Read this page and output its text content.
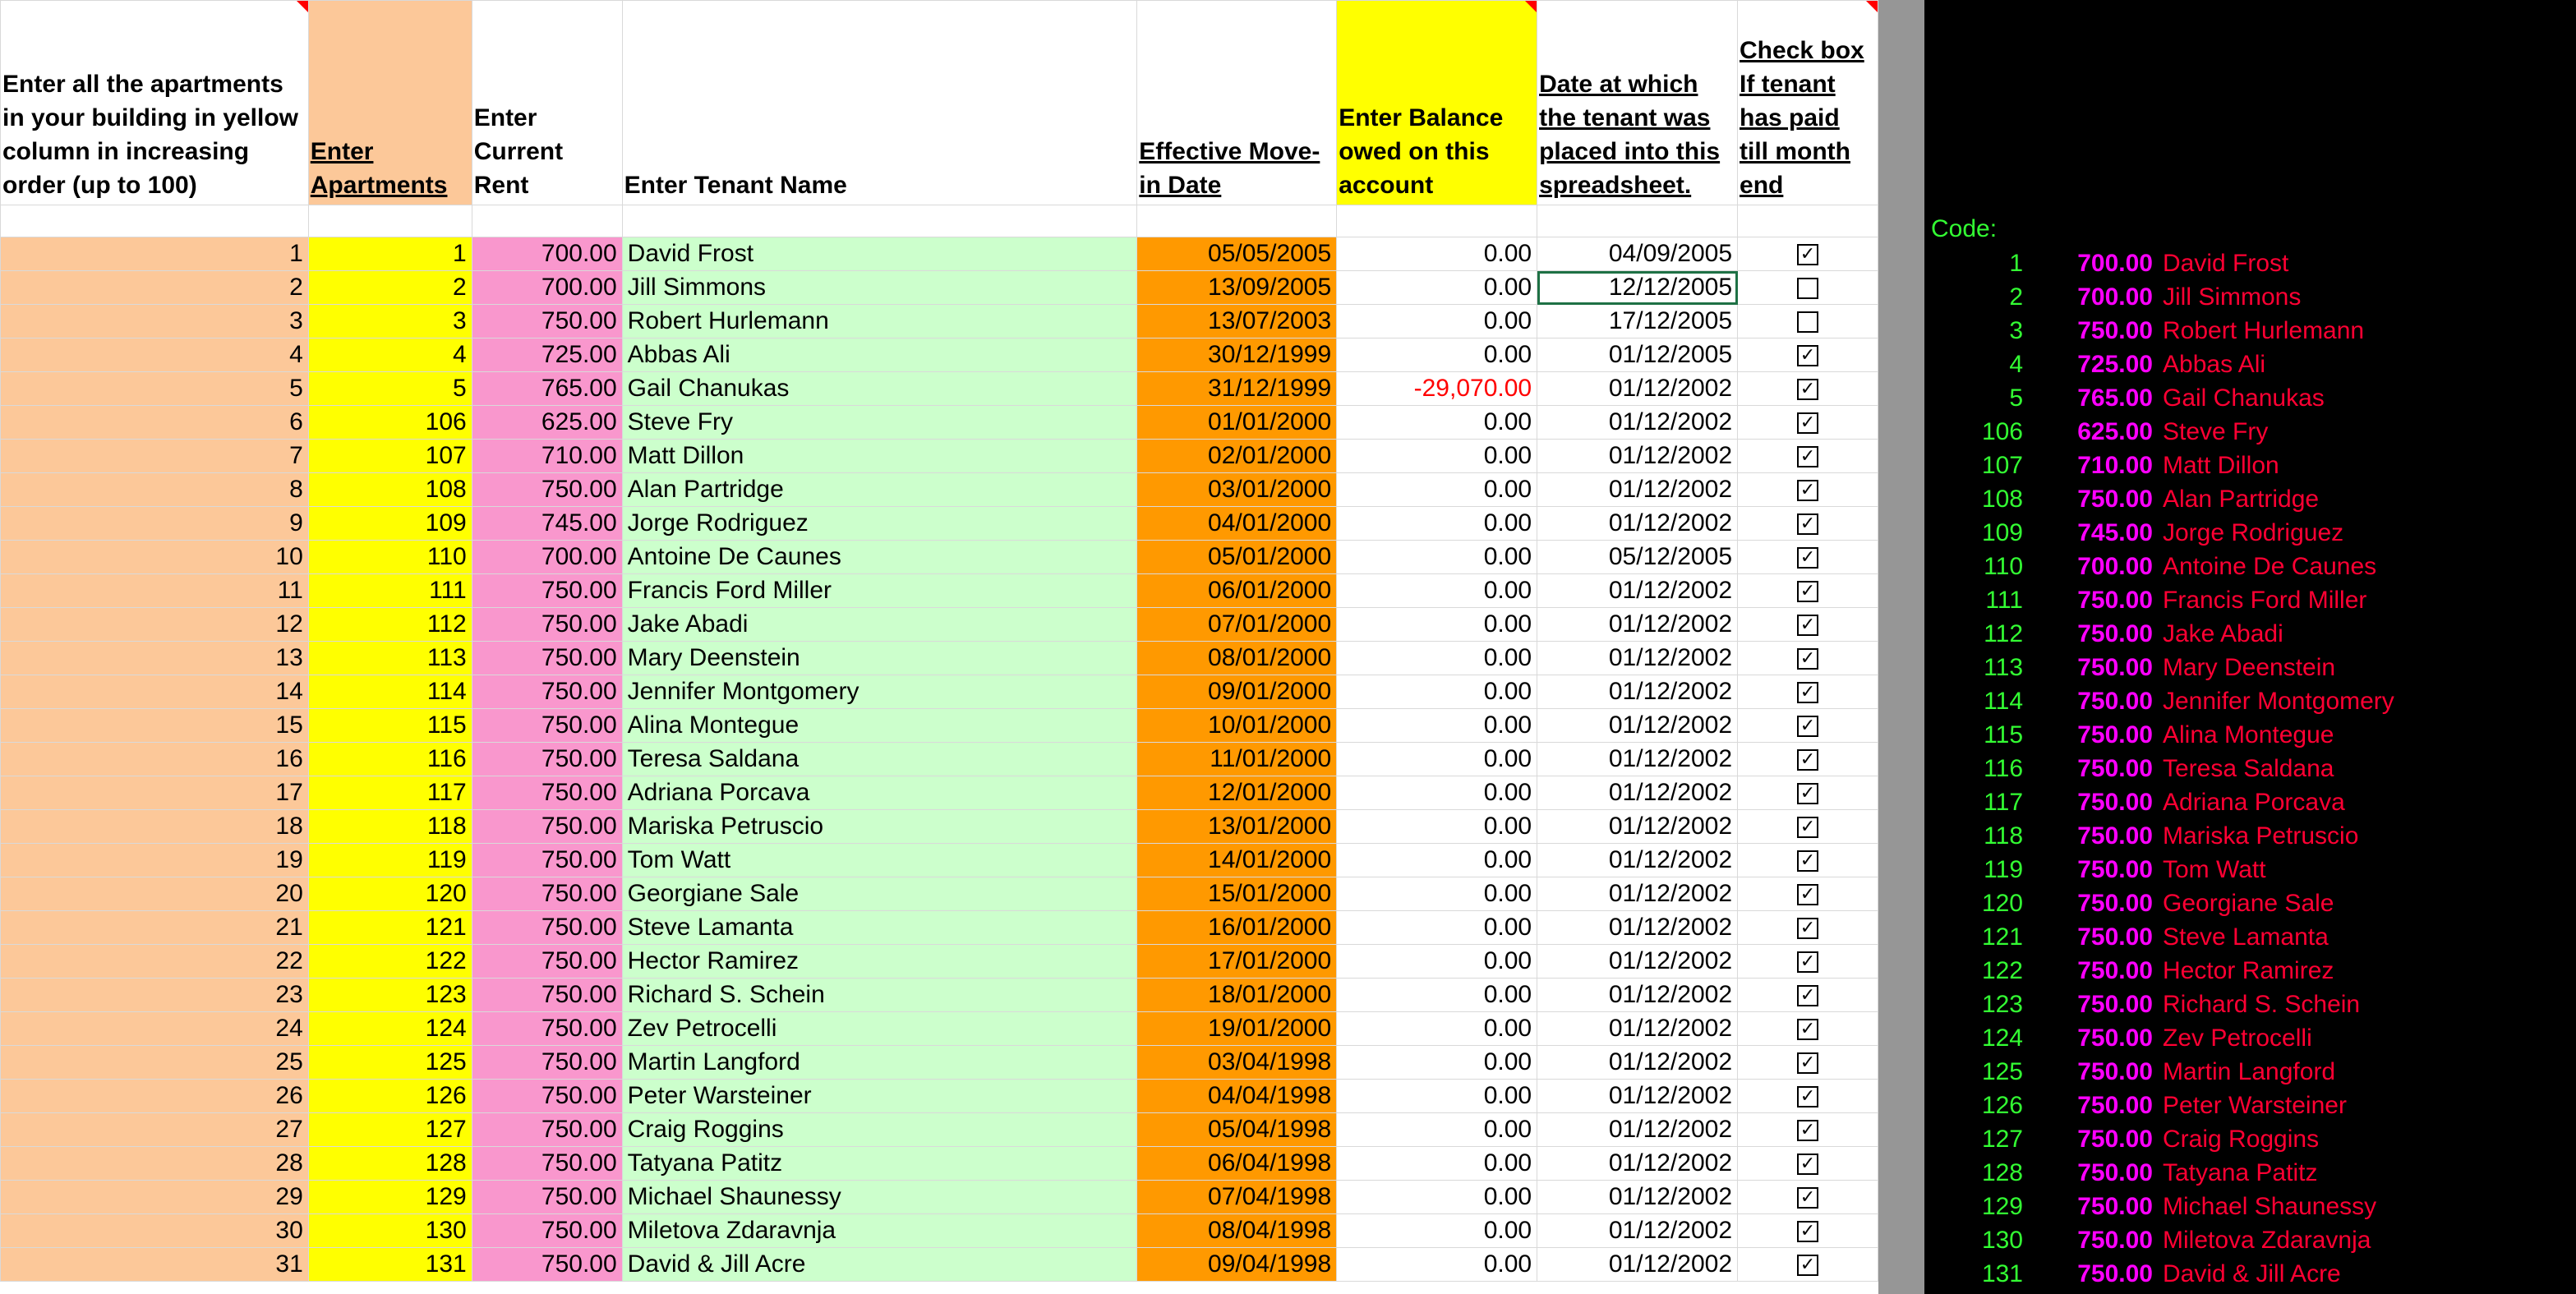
Enter all the apartments in your building in yellow column in increasing order (up to 100)	Enter Apartments	Enter Current Rent	Enter Tenant Name	Effective Move-in Date	Enter Balance owed on this account	Date at which the tenant was placed into this spreadsheet.	Check box If tenant has paid till month end

1	1	700.00	David Frost	05/05/2005	0.00	04/09/2005	✓
2	2	700.00	Jill Simmons	13/09/2005	0.00	12/12/2005	
3	3	750.00	Robert Hurlemann	13/07/2003	0.00	17/12/2005	
4	4	725.00	Abbas Ali	30/12/1999	0.00	01/12/2005	✓
5	5	765.00	Gail Chanukas	31/12/1999	-29,070.00	01/12/2002	✓
6	106	625.00	Steve Fry	01/01/2000	0.00	01/12/2002	✓
7	107	710.00	Matt Dillon	02/01/2000	0.00	01/12/2002	✓
8	108	750.00	Alan Partridge	03/01/2000	0.00	01/12/2002	✓
9	109	745.00	Jorge Rodriguez	04/01/2000	0.00	01/12/2002	✓
10	110	700.00	Antoine De Caunes	05/01/2000	0.00	05/12/2005	✓
11	111	750.00	Francis Ford Miller	06/01/2000	0.00	01/12/2002	✓
12	112	750.00	Jake Abadi	07/01/2000	0.00	01/12/2002	✓
13	113	750.00	Mary Deenstein	08/01/2000	0.00	01/12/2002	✓
14	114	750.00	Jennifer Montgomery	09/01/2000	0.00	01/12/2002	✓
15	115	750.00	Alina Montegue	10/01/2000	0.00	01/12/2002	✓
16	116	750.00	Teresa Saldana	11/01/2000	0.00	01/12/2002	✓
17	117	750.00	Adriana Porcava	12/01/2000	0.00	01/12/2002	✓
18	118	750.00	Mariska Petruscio	13/01/2000	0.00	01/12/2002	✓
19	119	750.00	Tom Watt	14/01/2000	0.00	01/12/2002	✓
20	120	750.00	Georgiane Sale	15/01/2000	0.00	01/12/2002	✓
21	121	750.00	Steve Lamanta	16/01/2000	0.00	01/12/2002	✓
22	122	750.00	Hector Ramirez	17/01/2000	0.00	01/12/2002	✓
23	123	750.00	Richard S. Schein	18/01/2000	0.00	01/12/2002	✓
24	124	750.00	Zev Petrocelli	19/01/2000	0.00	01/12/2002	✓
25	125	750.00	Martin Langford	03/04/1998	0.00	01/12/2002	✓
26	126	750.00	Peter Warsteiner	04/04/1998	0.00	01/12/2002	✓
27	127	750.00	Craig Roggins	05/04/1998	0.00	01/12/2002	✓
28	128	750.00	Tatyana Patitz	06/04/1998	0.00	01/12/2002	✓
29	129	750.00	Michael Shaunessy	07/04/1998	0.00	01/12/2002	✓
30	130	750.00	Miletova Zdaravnja	08/04/1998	0.00	01/12/2002	✓
31	131	750.00	David & Jill Acre	09/04/1998	0.00	01/12/2002	✓
Code:
1	700.00 David Frost
2	700.00 Jill Simmons
3	750.00 Robert Hurlemann
4	725.00 Abbas Ali
5	765.00 Gail Chanukas
106	625.00 Steve Fry
107	710.00 Matt Dillon
108	750.00 Alan Partridge
109	745.00 Jorge Rodriguez
110	700.00 Antoine De Caunes
111	750.00 Francis Ford Miller
112	750.00 Jake Abadi
113	750.00 Mary Deenstein
114	750.00 Jennifer Montgomery
115	750.00 Alina Montegue
116	750.00 Teresa Saldana
117	750.00 Adriana Porcava
118	750.00 Mariska Petruscio
119	750.00 Tom Watt
120	750.00 Georgiane Sale
121	750.00 Steve Lamanta
122	750.00 Hector Ramirez
123	750.00 Richard S. Schein
124	750.00 Zev Petrocelli
125	750.00 Martin Langford
126	750.00 Peter Warsteiner
127	750.00 Craig Roggins
128	750.00 Tatyana Patitz
129	750.00 Michael Shaunessy
130	750.00 Miletova Zdaravnja
131	750.00 David & Jill Acre
